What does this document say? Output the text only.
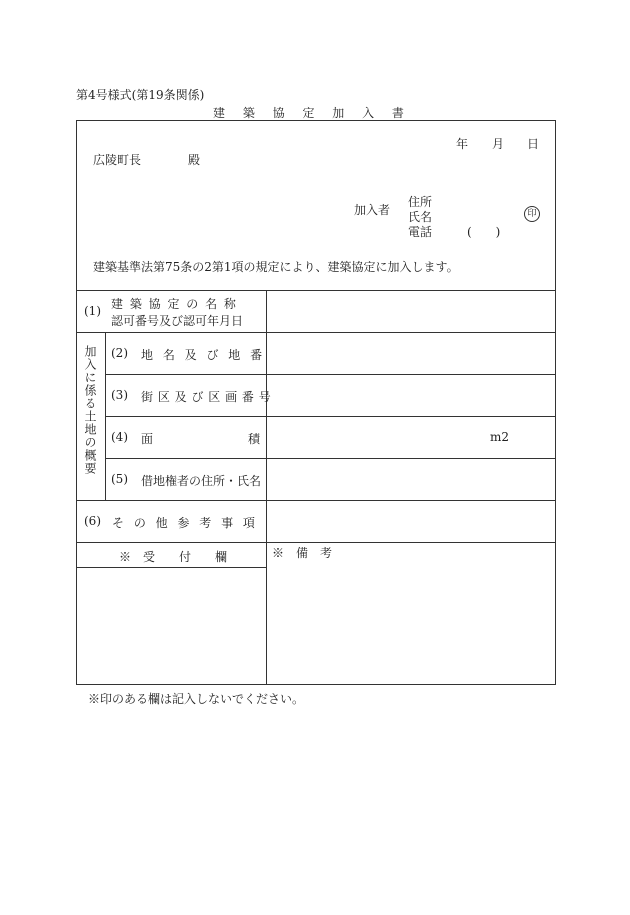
第4号様式(第19条関係)
建 築 協 定 加 入 書
年 月 日
広陵町長	殿
加入者
住所
氏名
電話	(　　)
印
建築基準法第75条の2第1項の規定により、建築協定に加入します。
(1) 建 築 協 定 の 名 称
認可番号及び認可年月日
加入に係る土地の概要 (2) 地 名 及 び 地 番
(3) 街 区 及 び 区 画 番 号
(4) 面	積	m2
(5) 借地権者の住所・氏名
(6) そ の 他 参 考 事 項
※　受　　付　　欄	※　備　考
※印のある欄は記入しないでください。
